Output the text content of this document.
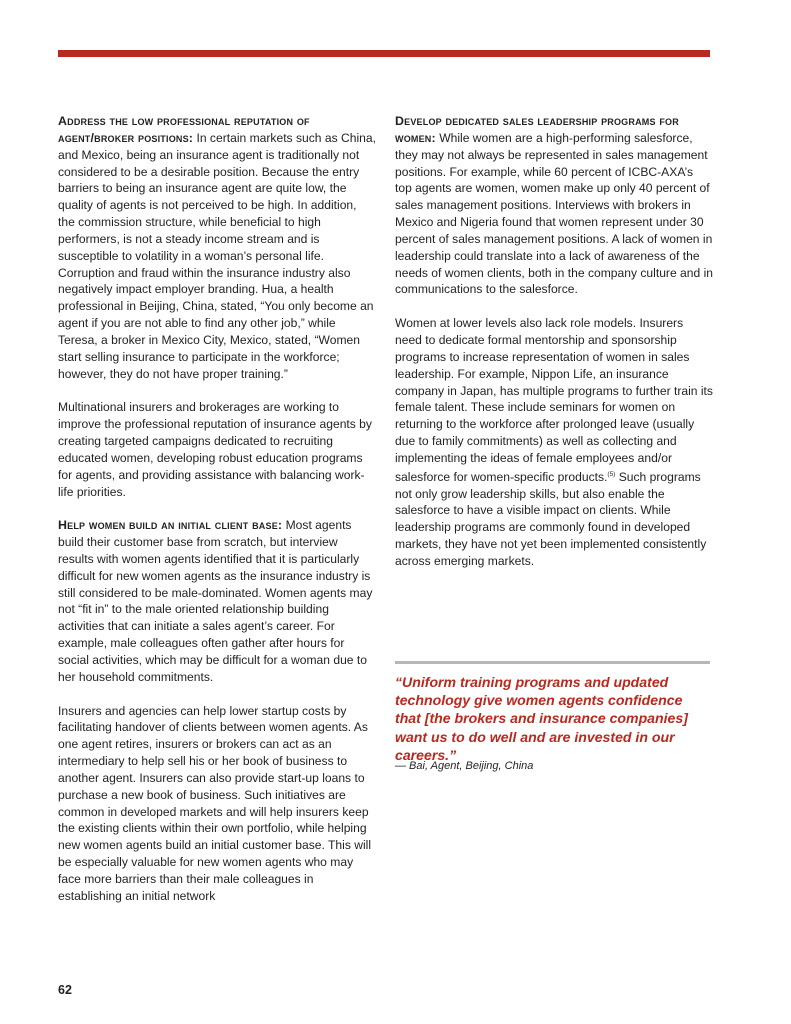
Address the low professional reputation of agent/broker positions: In certain markets such as China, and Mexico, being an insurance agent is traditionally not considered to be a desirable position. Because the entry barriers to being an insurance agent are quite low, the quality of agents is not perceived to be high. In addition, the commission structure, while beneficial to high performers, is not a steady income stream and is susceptible to volatility in a woman’s personal life. Corruption and fraud within the insurance industry also negatively impact employer branding. Hua, a health professional in Beijing, China, stated, “You only become an agent if you are not able to find any other job,” while Teresa, a broker in Mexico City, Mexico, stated, “Women start selling insurance to participate in the workforce; however, they do not have proper training.”

Multinational insurers and brokerages are working to improve the professional reputation of insurance agents by creating targeted campaigns dedicated to recruiting educated women, developing robust education programs for agents, and providing assistance with balancing work-life priorities.

Help women build an initial client base: Most agents build their customer base from scratch, but interview results with women agents identified that it is particularly difficult for new women agents as the insurance industry is still considered to be male-dominated. Women agents may not “fit in” to the male oriented relationship building activities that can initiate a sales agent’s career. For example, male colleagues often gather after hours for social activities, which may be difficult for a woman due to her household commitments.

Insurers and agencies can help lower startup costs by facilitating handover of clients between women agents. As one agent retires, insurers or brokers can act as an intermediary to help sell his or her book of business to another agent. Insurers can also provide start-up loans to purchase a new book of business. Such initiatives are common in developed markets and will help insurers keep the existing clients within their own portfolio, while helping new women agents build an initial customer base. This will be especially valuable for new women agents who may face more barriers than their male colleagues in establishing an initial network

Develop dedicated sales leadership programs for women: While women are a high-performing salesforce, they may not always be represented in sales management positions. For example, while 60 percent of ICBC-AXA’s top agents are women, women make up only 40 percent of sales management positions. Interviews with brokers in Mexico and Nigeria found that women represent under 30 percent of sales management positions. A lack of women in leadership could translate into a lack of awareness of the needs of women clients, both in the company culture and in communications to the salesforce.

Women at lower levels also lack role models. Insurers need to dedicate formal mentorship and sponsorship programs to increase representation of women in sales leadership. For example, Nippon Life, an insurance company in Japan, has multiple programs to further train its female talent. These include seminars for women on returning to the workforce after prolonged leave (usually due to family commitments) as well as collecting and implementing the ideas of female employees and/or salesforce for women-specific products.$^{(5)}$ Such programs not only grow leadership skills, but also enable the salesforce to have a visible impact on clients. While leadership programs are commonly found in developed markets, they have not yet been implemented consistently across emerging markets.

“Uniform training programs and updated technology give women agents confidence that [the brokers and insurance companies] want us to do well and are invested in our careers.”
— Bai, Agent, Beijing, China
62
